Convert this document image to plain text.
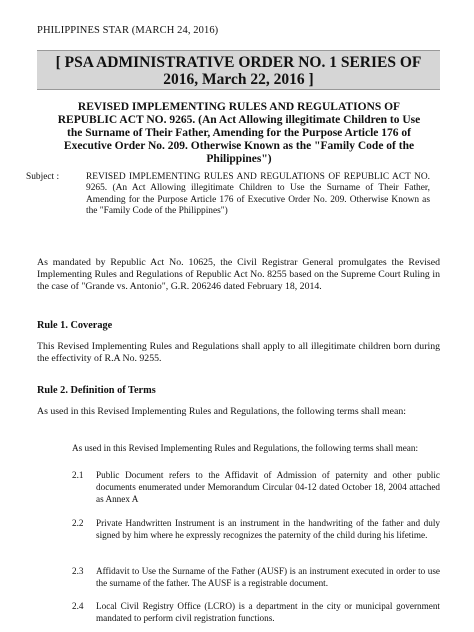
PHILIPPINES STAR (MARCH 24, 2016)
[ PSA ADMINISTRATIVE ORDER NO. 1 SERIES OF
2016, March 22, 2016 ]
REVISED IMPLEMENTING RULES AND REGULATIONS OF REPUBLIC ACT NO. 9265. (An Act Allowing illegitimate Children to Use the Surname of Their Father, Amending for the Purpose Article 176 of Executive Order No. 209. Otherwise Known as the "Family Code of the Philippines")
Subject :	REVISED IMPLEMENTING RULES AND REGULATIONS OF REPUBLIC ACT NO. 9265. (An Act Allowing illegitimate Children to Use the Surname of Their Father, Amending for the Purpose Article 176 of Executive Order No. 209. Otherwise Known as the "Family Code of the Philippines")
As mandated by Republic Act No. 10625, the Civil Registrar General promulgates the Revised Implementing Rules and Regulations of Republic Act No. 8255 based on the Supreme Court Ruling in the case of "Grande vs. Antonio", G.R. 206246 dated February 18, 2014.
Rule 1. Coverage
This Revised Implementing Rules and Regulations shall apply to all illegitimate children born during the effectivity of R.A No. 9255.
Rule 2. Definition of Terms
As used in this Revised Implementing Rules and Regulations, the following terms shall mean:
As used in this Revised Implementing Rules and Regulations, the following terms shall mean:
2.1	Public Document refers to the Affidavit of Admission of paternity and other public documents enumerated under Memorandum Circular 04-12 dated October 18, 2004 attached as Annex A
2.2	Private Handwritten Instrument is an instrument in the handwriting of the father and duly signed by him where he expressly recognizes the paternity of the child during his lifetime.
2.3	Affidavit to Use the Surname of the Father (AUSF) is an instrument executed in order to use the surname of the father. The AUSF is a registrable document.
2.4	Local Civil Registry Office (LCRO) is a department in the city or municipal government mandated to perform civil registration functions.
